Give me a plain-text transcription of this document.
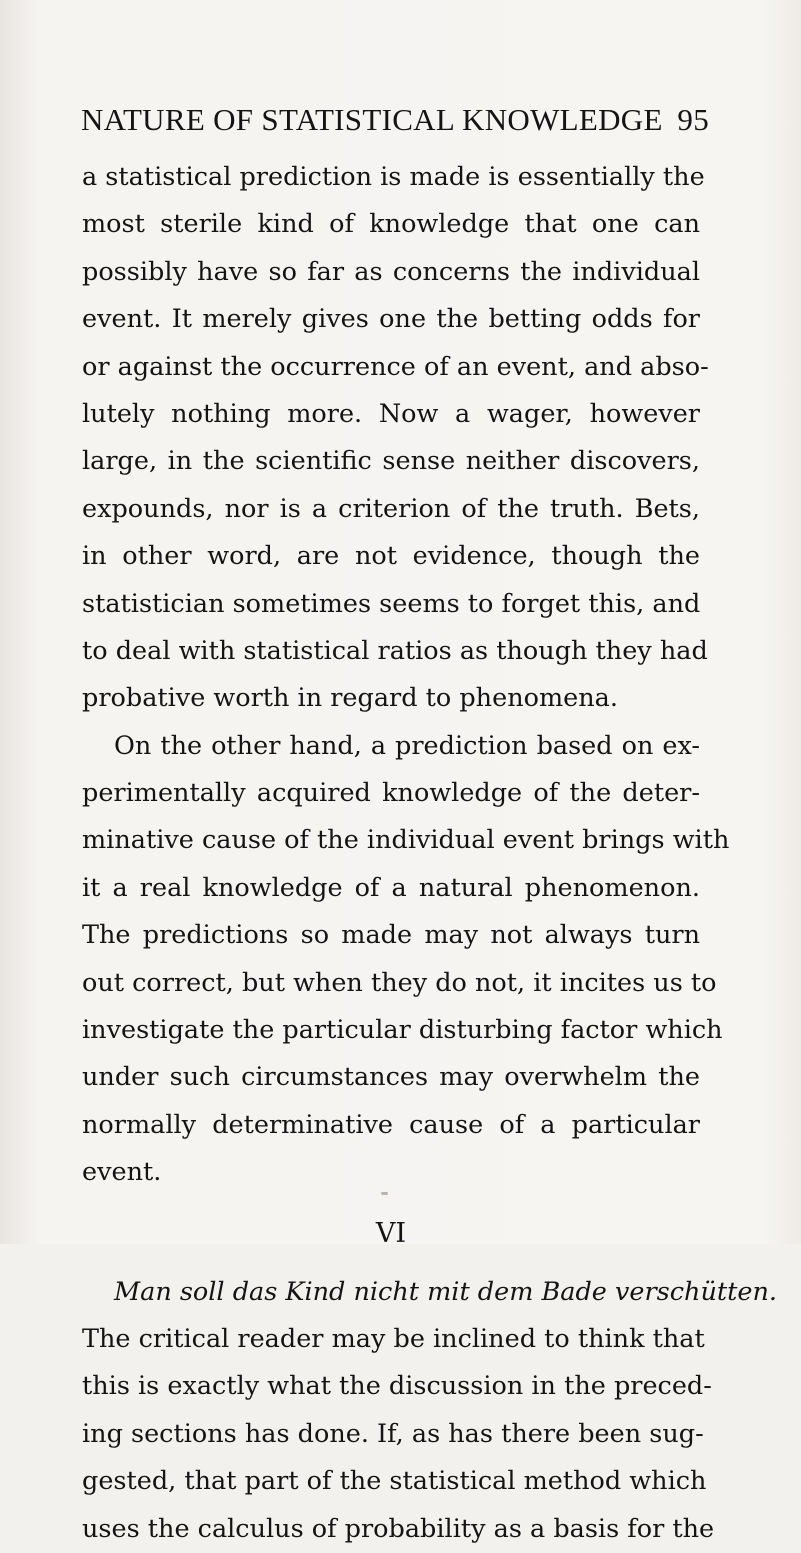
NATURE OF STATISTICAL KNOWLEDGE 95
a statistical prediction is made is essentially the
most sterile kind of knowledge that one can
possibly have so far as concerns the individual
event. It merely gives one the betting odds for
or against the occurrence of an event, and abso-
lutely nothing more. Now a wager, however
large, in the scientific sense neither discovers,
expounds, nor is a criterion of the truth. Bets,
in other word, are not evidence, though the
statistician sometimes seems to forget this, and
to deal with statistical ratios as though they had
probative worth in regard to phenomena.
On the other hand, a prediction based on ex-
perimentally acquired knowledge of the deter-
minative cause of the individual event brings with
it a real knowledge of a natural phenomenon.
The predictions so made may not always turn
out correct, but when they do not, it incites us to
investigate the particular disturbing factor which
under such circumstances may overwhelm the
normally determinative cause of a particular
event.
VI
Man soll das Kind nicht mit dem Bade verschütten.
The critical reader may be inclined to think that
this is exactly what the discussion in the preced-
ing sections has done. If, as has there been sug-
gested, that part of the statistical method which
uses the calculus of probability as a basis for the
